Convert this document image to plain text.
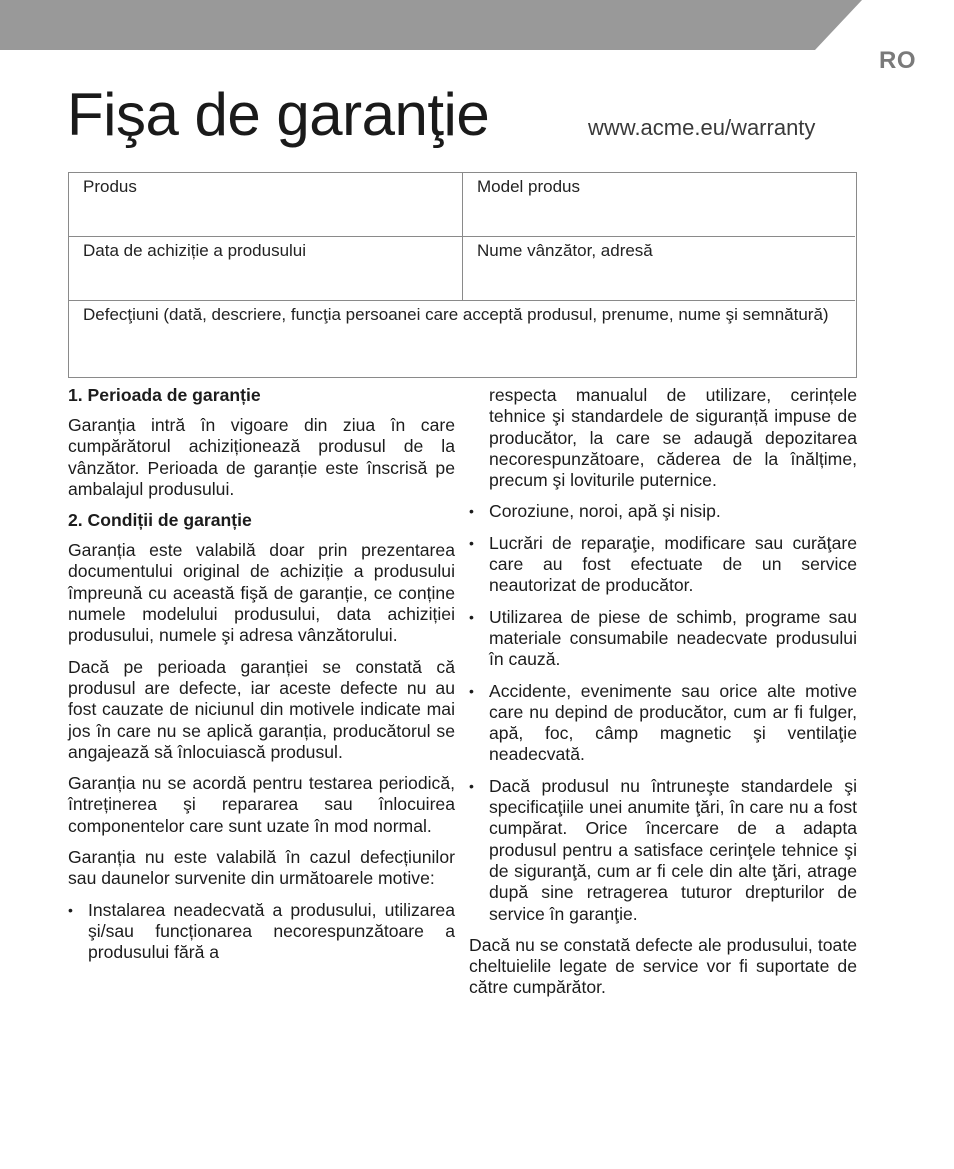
RO
Fişa de garanţie	www.acme.eu/warranty
Produs	Model produs
Data de achiziție a produsului	Nume vânzător, adresă
Defecţiuni (dată, descriere, funcţia persoanei care acceptă produsul, prenume, nume şi semnătură)
1. Perioada de garanție

Garanția intră în vigoare din ziua în care cumpărătorul achiziționează produsul de la vânzător. Perioada de garanție este înscrisă pe ambalajul produsului.

2. Condiții de garanție

Garanția este valabilă doar prin prezentarea documentului original de achiziție a produsului împreună cu această fişă de garanție, ce conține numele modelului produsului, data achiziției produsului, numele şi adresa vânzătorului.

Dacă pe perioada garanției se constată că produsul are defecte, iar aceste defecte nu au fost cauzate de niciunul din motivele indicate mai jos în care nu se aplică garanția, producătorul se angajează să înlocuiască produsul.

Garanția nu se acordă pentru testarea periodică, întreținerea şi repararea sau înlocuirea componentelor care sunt uzate în mod normal.

Garanția nu este valabilă în cazul defecțiunilor sau daunelor survenite din următoarele motive:

• Instalarea neadecvată a produsului, utilizarea şi/sau funcționarea necorespunzătoare a produsului fără a
respecta manualul de utilizare, cerințele tehnice şi standardele de siguranță impuse de producător, la care se adaugă depozitarea necorespunzătoare, căderea de la înălțime, precum şi loviturile puternice.
• Coroziune, noroi, apă şi nisip.
• Lucrări de reparaţie, modificare sau curăţare care au fost efectuate de un service neautorizat de producător.
• Utilizarea de piese de schimb, programe sau materiale consumabile neadecvate produsului în cauză.
• Accidente, evenimente sau orice alte motive care nu depind de producător, cum ar fi fulger, apă, foc, câmp magnetic şi ventilaţie neadecvată.
• Dacă produsul nu întruneşte standardele şi specificaţiile unei anumite ţări, în care nu a fost cumpărat. Orice încercare de a adapta produsul pentru a satisface cerinţele tehnice şi de siguranţă, cum ar fi cele din alte ţări, atrage după sine retragerea tuturor drepturilor de service în garanţie.

Dacă nu se constată defecte ale produsului, toate cheltuielile legate de service vor fi suportate de către cumpărător.
